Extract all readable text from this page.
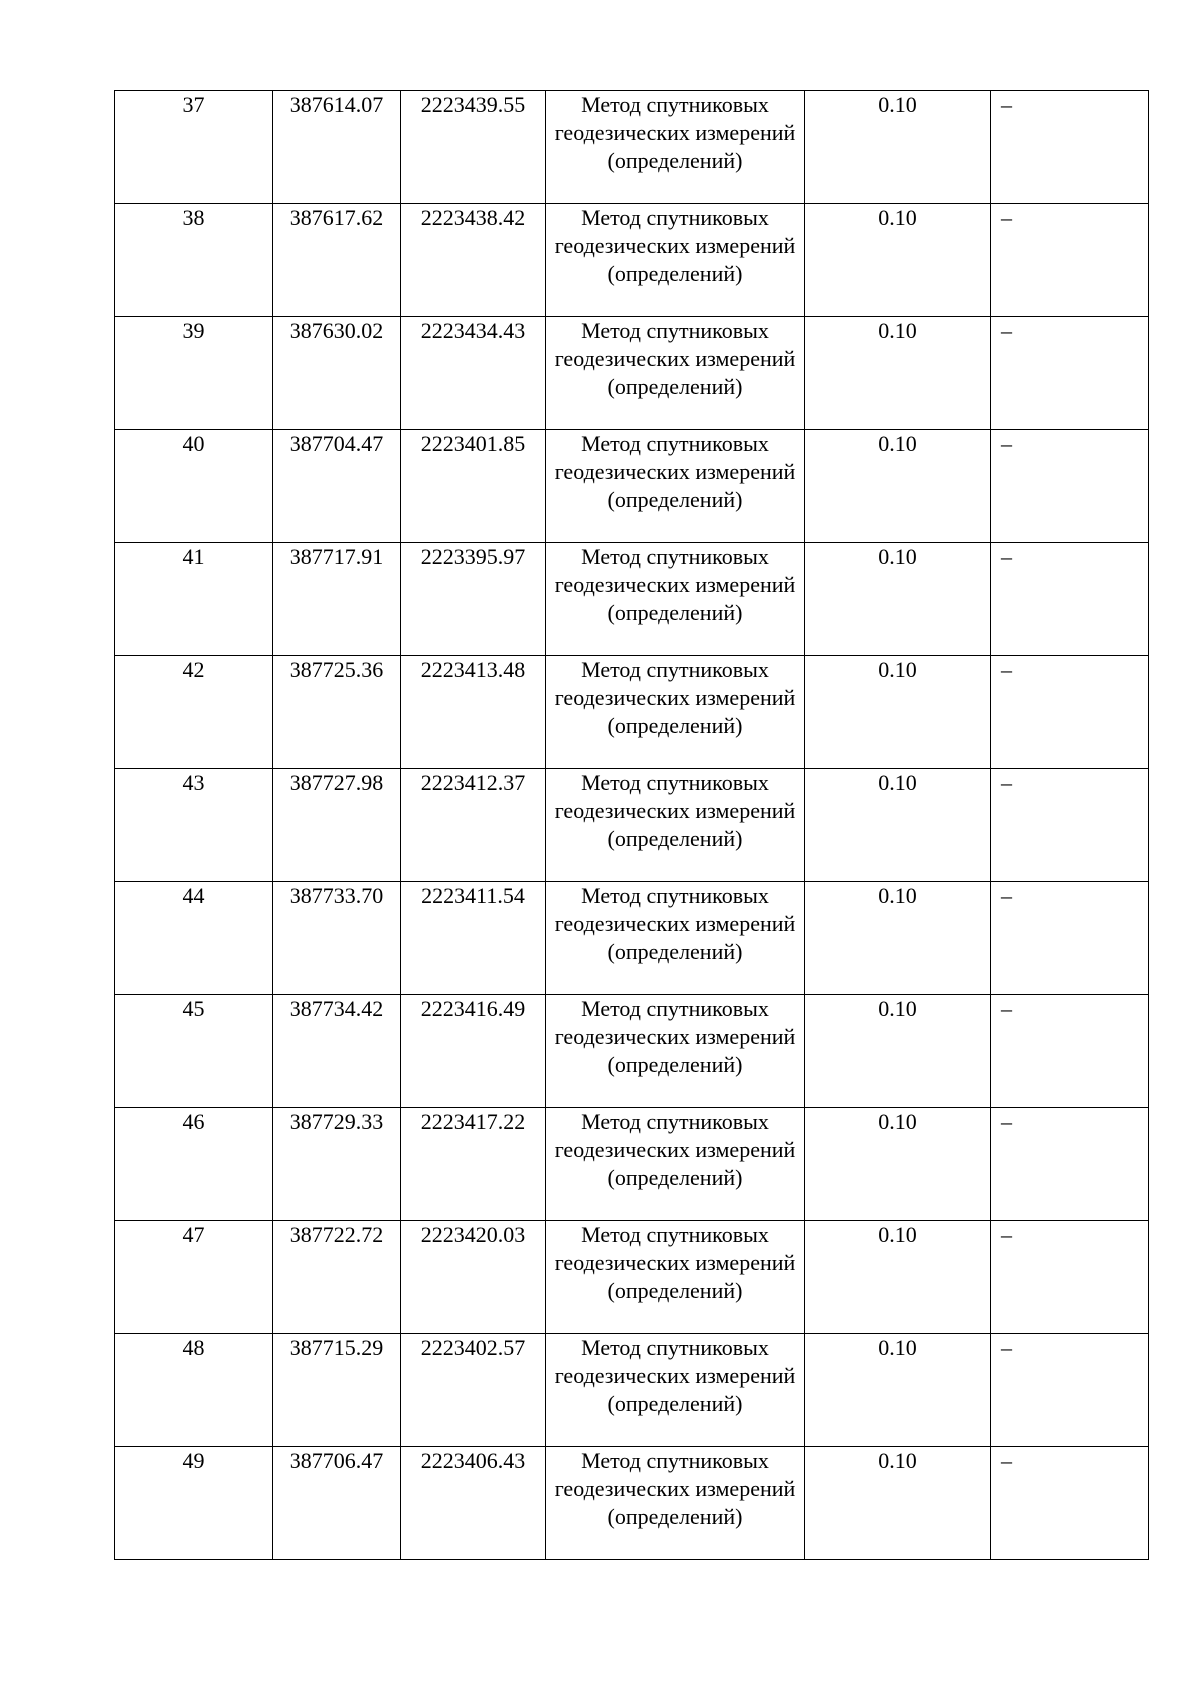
37	387614.07	2223439.55	Метод спутниковых геодезических измерений (определений)	0.10	–
38	387617.62	2223438.42	Метод спутниковых геодезических измерений (определений)	0.10	–
39	387630.02	2223434.43	Метод спутниковых геодезических измерений (определений)	0.10	–
40	387704.47	2223401.85	Метод спутниковых геодезических измерений (определений)	0.10	–
41	387717.91	2223395.97	Метод спутниковых геодезических измерений (определений)	0.10	–
42	387725.36	2223413.48	Метод спутниковых геодезических измерений (определений)	0.10	–
43	387727.98	2223412.37	Метод спутниковых геодезических измерений (определений)	0.10	–
44	387733.70	2223411.54	Метод спутниковых геодезических измерений (определений)	0.10	–
45	387734.42	2223416.49	Метод спутниковых геодезических измерений (определений)	0.10	–
46	387729.33	2223417.22	Метод спутниковых геодезических измерений (определений)	0.10	–
47	387722.72	2223420.03	Метод спутниковых геодезических измерений (определений)	0.10	–
48	387715.29	2223402.57	Метод спутниковых геодезических измерений (определений)	0.10	–
49	387706.47	2223406.43	Метод спутниковых геодезических измерений (определений)	0.10	–
